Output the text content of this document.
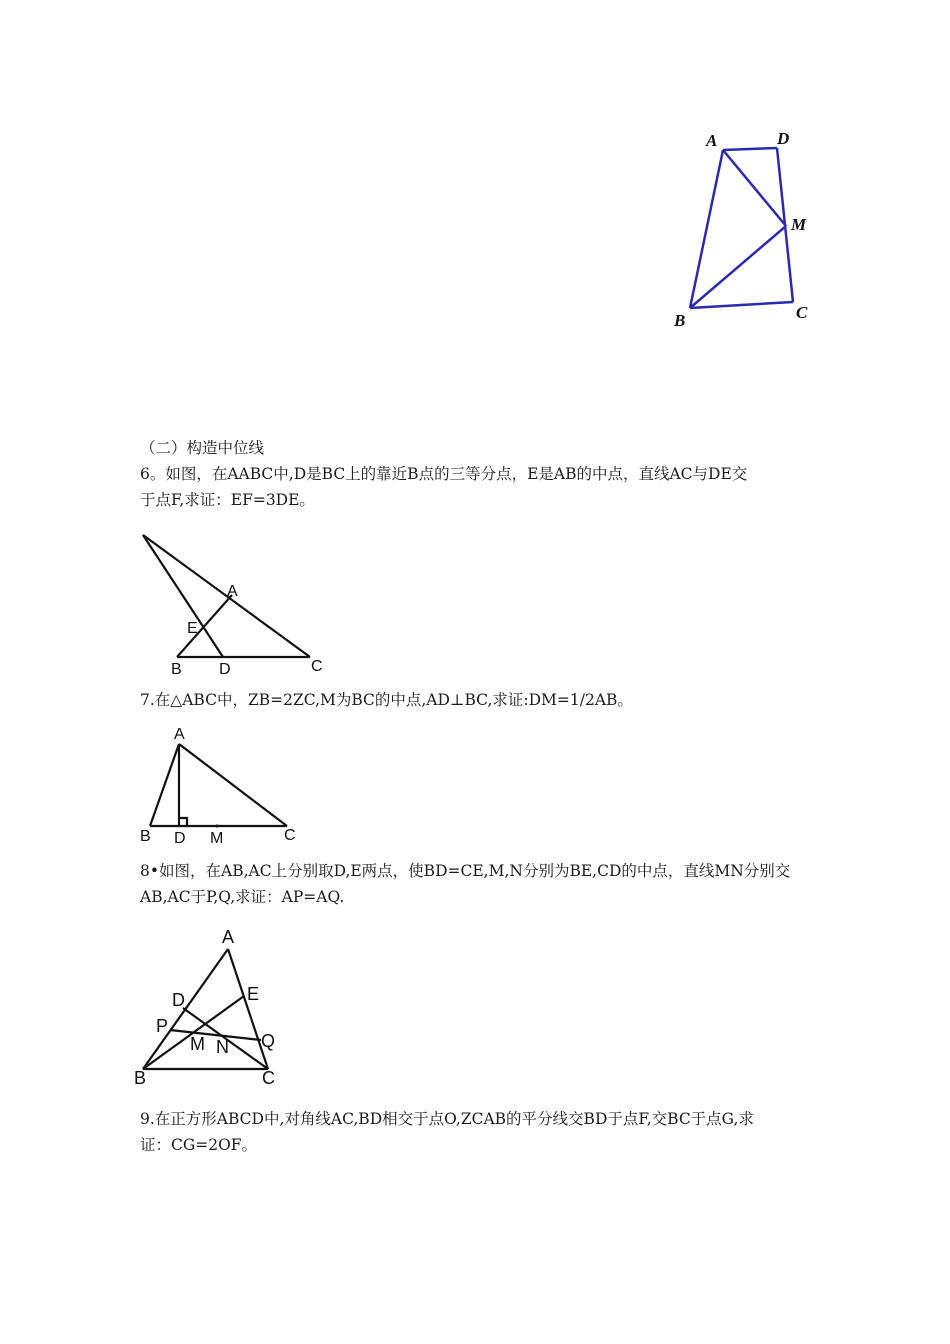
A	D
M
B	C
（二）构造中位线
6。如图，在AABC中,D是BC上的靠近B点的三等分点，E是AB的中点，直线AC与DE交
于点F,求证：EF=3DE。
A
E
B D	C
7.在△ABC中，ZB=2ZC,M为BC的中点,AD⊥BC,求证:DM=1/2AB。
A
B D M	C
8•如图，在AB,AC上分别取D,E两点，使BD=CE,M,N分别为BE,CD的中点，直线MN分别交
AB,AC于P,Q,求证：AP=AQ.
A
D	E
P
Q
M N
B	C
9.在正方形ABCD中,对角线AC,BD相交于点O,ZCAB的平分线交BD于点F,交BC于点G,求
证：CG=2OF。
